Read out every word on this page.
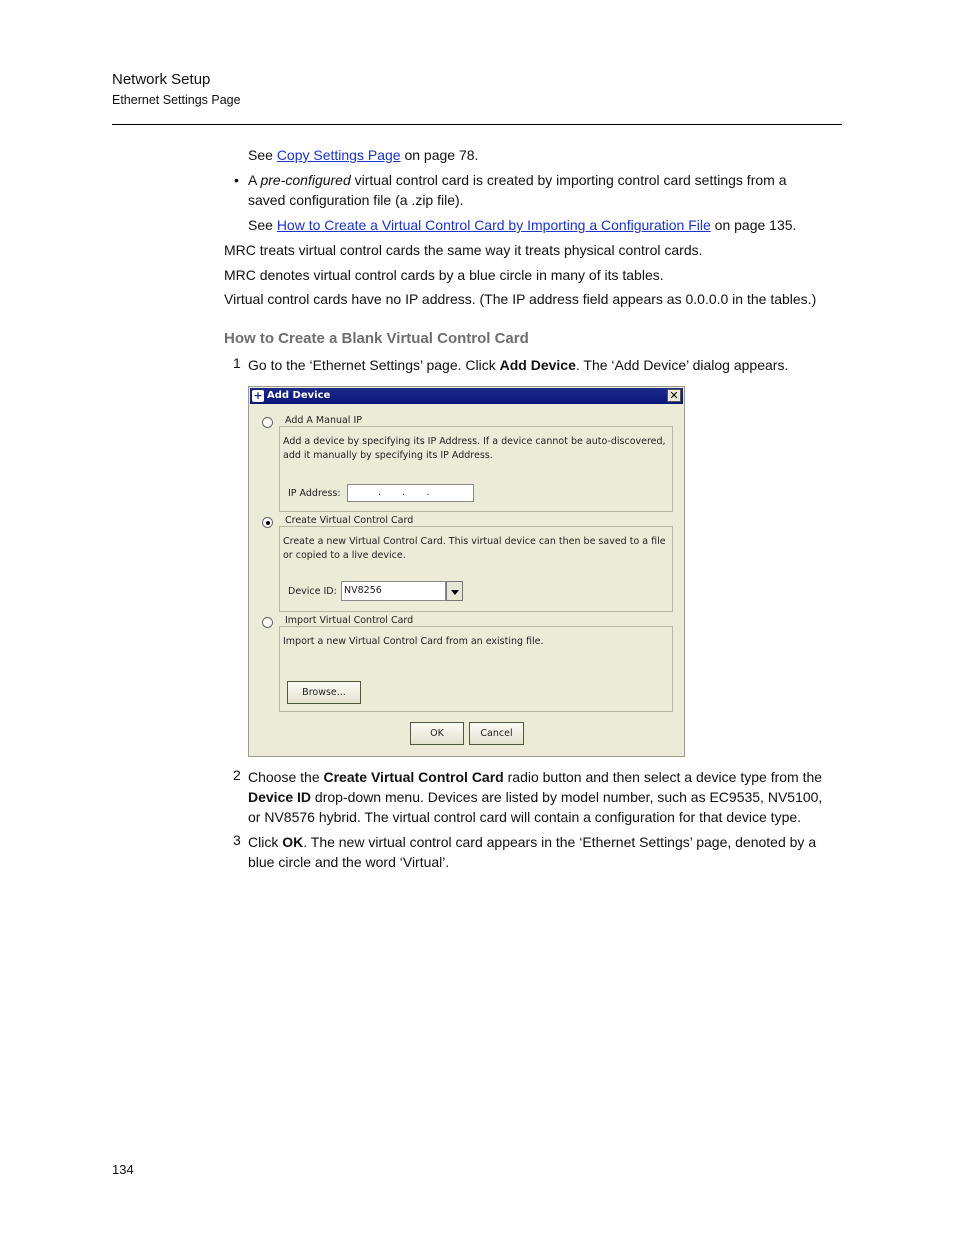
Network Setup
Ethernet Settings Page
See Copy Settings Page on page 78.
• A pre-configured virtual control card is created by importing control card settings from a
saved configuration file (a .zip file).
See How to Create a Virtual Control Card by Importing a Configuration File on page 135.
MRC treats virtual control cards the same way it treats physical control cards.
MRC denotes virtual control cards by a blue circle in many of its tables.
Virtual control cards have no IP address. (The IP address field appears as 0.0.0.0 in the tables.)
How to Create a Blank Virtual Control Card
1 Go to the ‘Ethernet Settings’ page. Click Add Device. The ‘Add Device’ dialog appears.
+ Add Device	✕
Add A Manual IP
Add a device by specifying its IP Address. If a device cannot be auto-discovered,
add it manually by specifying its IP Address.
IP Address:	.       .       .
Create Virtual Control Card
Create a new Virtual Control Card. This virtual device can then be saved to a file
or copied to a live device.
Device ID: NV8256
Import Virtual Control Card
Import a new Virtual Control Card from an existing file.
Browse...
OK	Cancel
2 Choose the Create Virtual Control Card radio button and then select a device type from the
Device ID drop-down menu. Devices are listed by model number, such as EC9535, NV5100,
or NV8576 hybrid. The virtual control card will contain a configuration for that device type.
3 Click OK. The new virtual control card appears in the ‘Ethernet Settings’ page, denoted by a
blue circle and the word ‘Virtual’.
134
